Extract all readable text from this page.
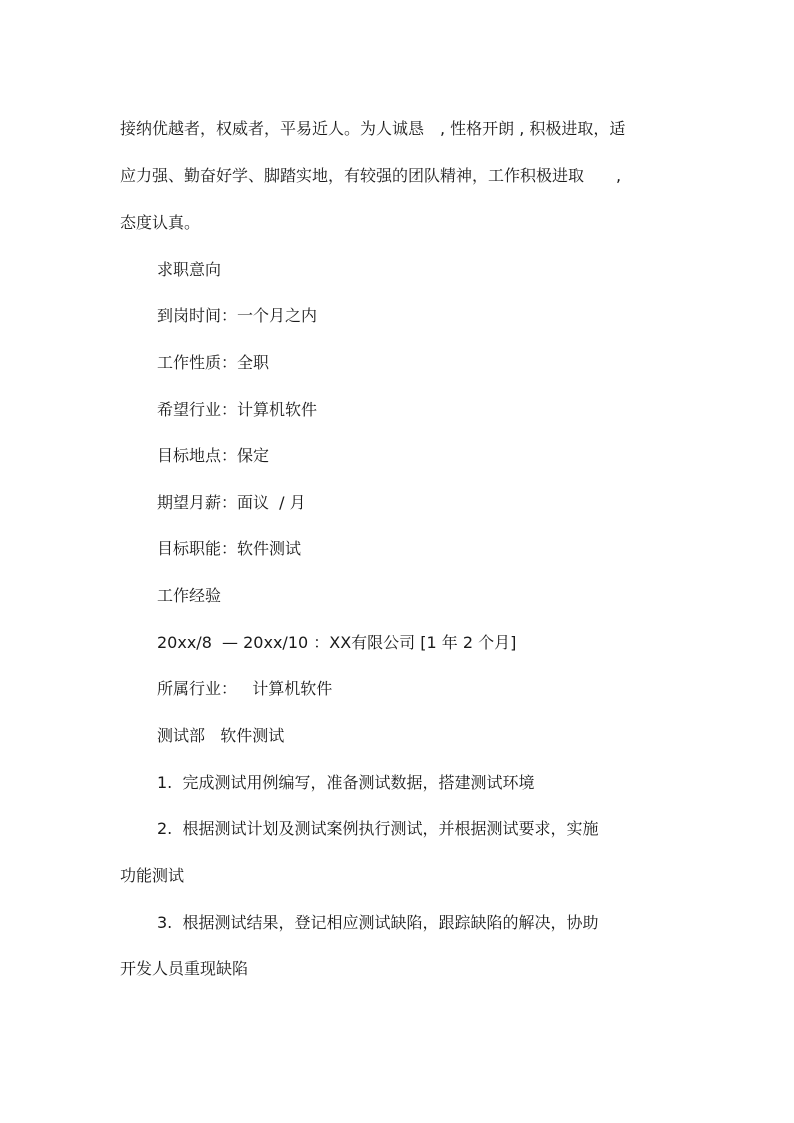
接纳优越者，权威者，平易近人。为人诚恳　, 性格开朗 , 积极进取，适
应力强、勤奋好学、脚踏实地，有较强的团队精神，工作积极进取　　,
态度认真。
求职意向
到岗时间：一个月之内
工作性质：全职
希望行业：计算机软件
目标地点：保定
期望月薪：面议  / 月
目标职能：软件测试
工作经验
20xx/8  — 20xx/10 ：XX有限公司 [1 年 2 个月]
所属行业：   计算机软件
测试部   软件测试
1.  完成测试用例编写，准备测试数据，搭建测试环境
2.  根据测试计划及测试案例执行测试，并根据测试要求，实施
功能测试
3.  根据测试结果，登记相应测试缺陷，跟踪缺陷的解决，协助
开发人员重现缺陷
